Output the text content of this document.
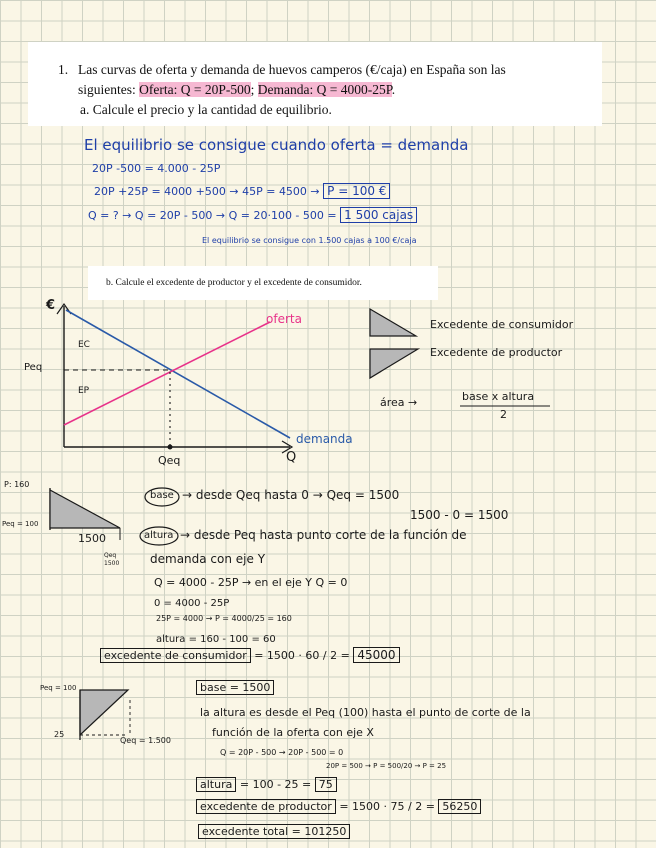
1. Las curvas de oferta y demanda de huevos camperos (€/caja) en España son las
siguientes: Oferta: Q = 20P-500; Demanda: Q = 4000-25P.
a. Calcule el precio y la cantidad de equilibrio.
El equilibrio se consigue cuando oferta = demanda
20P -500 = 4.000 - 25P
20P +25P = 4000 +500 → 45P = 4500 → P = 100 €
Q = ? → Q = 20P - 500 → Q = 20·100 - 500 = 1 500 cajas
El equilibrio se consigue con 1.500 cajas a 100 €/caja
b. Calcule el excedente de productor y el excedente de consumidor.
€
oferta
demanda
EC
EP
Peq
Qeq	Q
Excedente de consumidor
Excedente de productor
área →	base x altura
2
P: 160
Peq = 100
1500
Qeq
1500
base → desde Qeq hasta 0 → Qeq = 1500
1500 - 0 = 1500
altura → desde Peq hasta punto corte de la función de
demanda con eje Y
Q = 4000 - 25P → en el eje Y Q = 0
0 = 4000 - 25P
25P = 4000 → P = 4000/25 = 160
altura = 160 - 100 = 60
excedente de consumidor = 1500 · 60 / 2 = 45000
Peq = 100
25
Qeq = 1.500
base = 1500
la altura es desde el Peq (100) hasta el punto de corte de la
función de la oferta con eje X
Q = 20P - 500 → 20P - 500 = 0
20P = 500 → P = 500/20 → P = 25
altura = 100 - 25 = 75
excedente de productor = 1500 · 75 / 2 = 56250
excedente total = 101250
